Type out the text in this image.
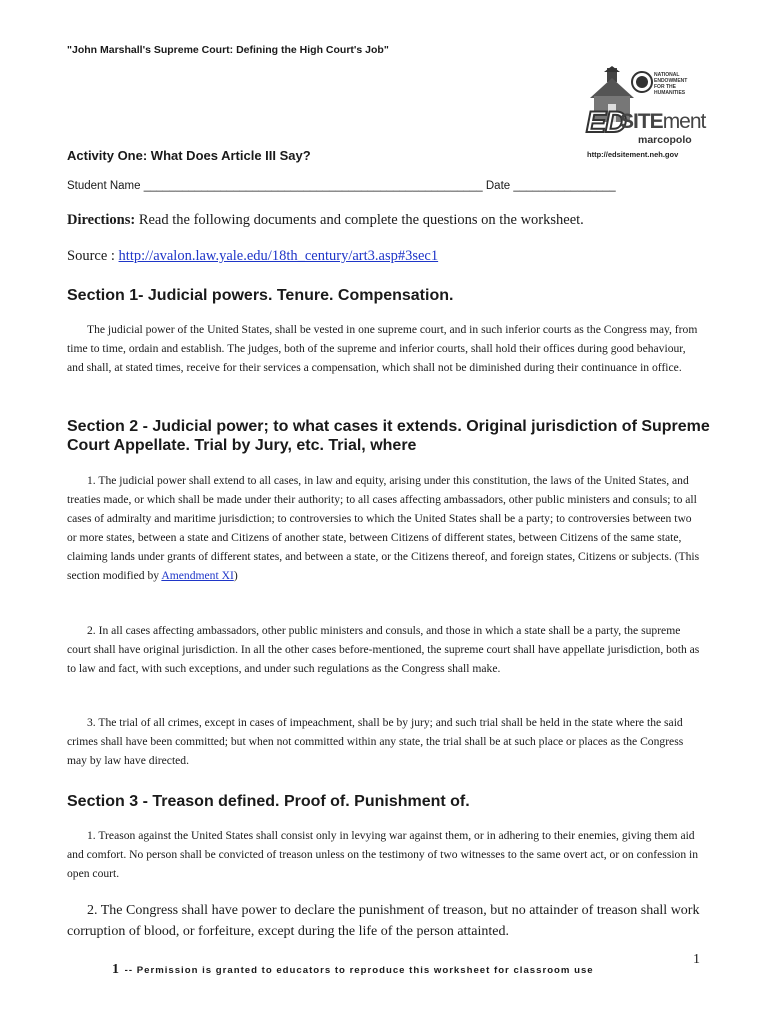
"John Marshall's Supreme Court: Defining the High Court's Job"
NATIONAL
ENDOWMENT
FOR THE
HUMANITIES
ED
SITEment
marcopolo
http://edsitement.neh.gov
Activity One: What Does Article III Say?
Student Name _____________________________________________________ Date ________________
Directions: Read the following documents and complete the questions on the worksheet.
Source : http://avalon.law.yale.edu/18th_century/art3.asp#3sec1
Section 1- Judicial powers. Tenure. Compensation.
The judicial power of the United States, shall be vested in one supreme court, and in such inferior courts as the Congress may, from time to time, ordain and establish. The judges, both of the supreme and inferior courts, shall hold their offices during good behaviour, and shall, at stated times, receive for their services a compensation, which shall not be diminished during their continuance in office.
Section 2 - Judicial power; to what cases it extends. Original jurisdiction of Supreme Court Appellate. Trial by Jury, etc. Trial, where
1. The judicial power shall extend to all cases, in law and equity, arising under this constitution, the laws of the United States, and treaties made, or which shall be made under their authority; to all cases affecting ambassadors, other public ministers and consuls; to all cases of admiralty and maritime jurisdiction; to controversies to which the United States shall be a party; to controversies between two or more states, between a state and Citizens of another state, between Citizens of different states, between Citizens of the same state, claiming lands under grants of different states, and between a state, or the Citizens thereof, and foreign states, Citizens or subjects. (This section modified by Amendment XI)
2. In all cases affecting ambassadors, other public ministers and consuls, and those in which a state shall be a party, the supreme court shall have original jurisdiction. In all the other cases before-mentioned, the supreme court shall have appellate jurisdiction, both as to law and fact, with such exceptions, and under such regulations as the Congress shall make.
3. The trial of all crimes, except in cases of impeachment, shall be by jury; and such trial shall be held in the state where the said crimes shall have been committed; but when not committed within any state, the trial shall be at such place or places as the Congress may by law have directed.
Section 3 - Treason defined. Proof of. Punishment of.
1. Treason against the United States shall consist only in levying war against them, or in adhering to their enemies, giving them aid and comfort. No person shall be convicted of treason unless on the testimony of two witnesses to the same overt act, or on confession in open court.
2. The Congress shall have power to declare the punishment of treason, but no attainder of treason shall work corruption of blood, or forfeiture, except during the life of the person attainted.
1 -- Permission is granted to educators to reproduce this worksheet for classroom use
1
